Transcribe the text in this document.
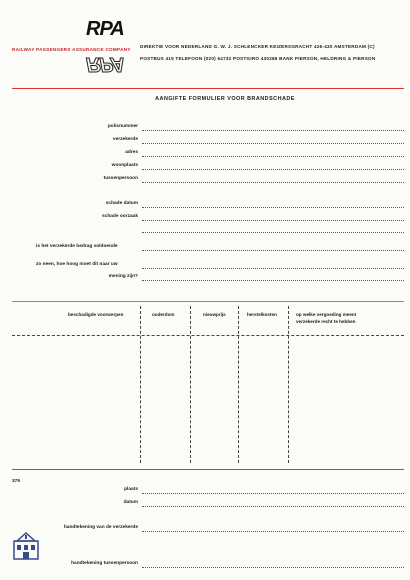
RPA
RPA
RAILWAY PASSENGERS ASSURANCE COMPANY
DIREKTIE VOOR NEDERLAND G. W. J. SCHLENCKER KEIZERSGRACHT 426-430 AMSTERDAM (C)
POSTBUS 415 TELEFOON (020) 64732 POSTGIRO 430286 BANK PIERSON, HELDRING & PIERSON
AANGIFTE FORMULIER VOOR BRANDSCHADE
polisnummer
verzekerde
adres
woonplaats
tussenpersoon
schade datum
schade oorzaak
is het verzekerde bedrag voldoende
zo neen, hoe hoog moet dit naar uw
mening zijn?
beschadigde voorwerpen	ouderdom	nieuwprijs	herstelkosten	op welke vergoeding meent
verzekerde recht te hebben
375
plaats
datum
handtekening van de verzekerde
handtekening tussenpersoon
